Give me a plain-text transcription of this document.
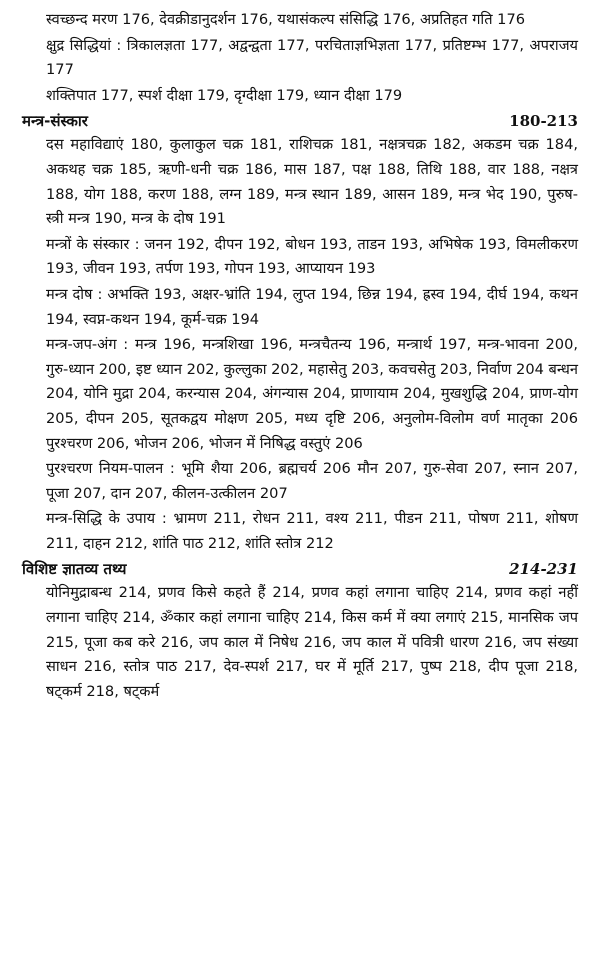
स्वच्छन्द मरण 176, देवक्रीडानुदर्शन 176, यथासंकल्प संसिद्धि 176, अप्रतिहत गति 176

क्षुद्र सिद्धियां : त्रिकालज्ञता 177, अद्वन्द्वता 177, परचिताज्ञभिज्ञता 177, प्रतिष्टम्भ 177, अपराजय 177

शक्तिपात 177, स्पर्श दीक्षा 179, दृग्दीक्षा 179, ध्यान दीक्षा 179

मन्त्र-संस्कार	180-213

दस महाविद्याएं 180, कुलाकुल चक्र 181, राशिचक्र 181, नक्षत्रचक्र 182, अकडम चक्र 184, अकथह चक्र 185, ऋणी-धनी चक्र 186, मास 187, पक्ष 188, तिथि 188, वार 188, नक्षत्र 188, योग 188, करण 188, लग्न 189, मन्त्र स्थान 189, आसन 189, मन्त्र भेद 190, पुरुष-स्त्री मन्त्र 190, मन्त्र के दोष 191

मन्त्रों के संस्कार : जनन 192, दीपन 192, बोधन 193, ताडन 193, अभिषेक 193, विमलीकरण 193, जीवन 193, तर्पण 193, गोपन 193, आप्यायन 193

मन्त्र दोष : अभक्ति 193, अक्षर-भ्रांति 194, लुप्त 194, छिन्न 194, ह्रस्व 194, दीर्घ 194, कथन 194, स्वप्न-कथन 194, कूर्म-चक्र 194

मन्त्र-जप-अंग : मन्त्र 196, मन्त्रशिखा 196, मन्त्रचैतन्य 196, मन्त्रार्थ 197, मन्त्र-भावना 200, गुरु-ध्यान 200, इष्ट ध्यान 202, कुल्लुका 202, महासेतु 203, कवचसेतु 203, निर्वाण 204 बन्धन 204, योनि मुद्रा 204, करन्यास 204, अंगन्यास 204, प्राणायाम 204, मुखशुद्धि 204, प्राण-योग 205, दीपन 205, सूतकद्वय मोक्षण 205, मध्य दृष्टि 206, अनुलोम-विलोम वर्ण मातृका 206 पुरश्चरण 206, भोजन 206, भोजन में निषिद्ध वस्तुएं 206

पुरश्चरण नियम-पालन : भूमि शैया 206, ब्रह्मचर्य 206 मौन 207, गुरु-सेवा 207, स्नान 207, पूजा 207, दान 207, कीलन-उत्कीलन 207

मन्त्र-सिद्धि के उपाय : भ्रामण 211, रोधन 211, वश्य 211, पीडन 211, पोषण 211, शोषण 211, दाहन 212, शांति पाठ 212, शांति स्तोत्र 212

विशिष्ट ज्ञातव्य तथ्य	214-231

योनिमुद्राबन्ध 214, प्रणव किसे कहते हैं 214, प्रणव कहां लगाना चाहिए 214, प्रणव कहां नहीं लगाना चाहिए 214, ॐकार कहां लगाना चाहिए 214, किस कर्म में क्या लगाएं 215, मानसिक जप 215, पूजा कब करे 216, जप काल में निषेध 216, जप काल में पवित्री धारण 216, जप संख्या साधन 216, स्तोत्र पाठ 217, देव-स्पर्श 217, घर में मूर्ति 217, पुष्प 218, दीप पूजा 218, षट्कर्म 218, षट्कर्म
